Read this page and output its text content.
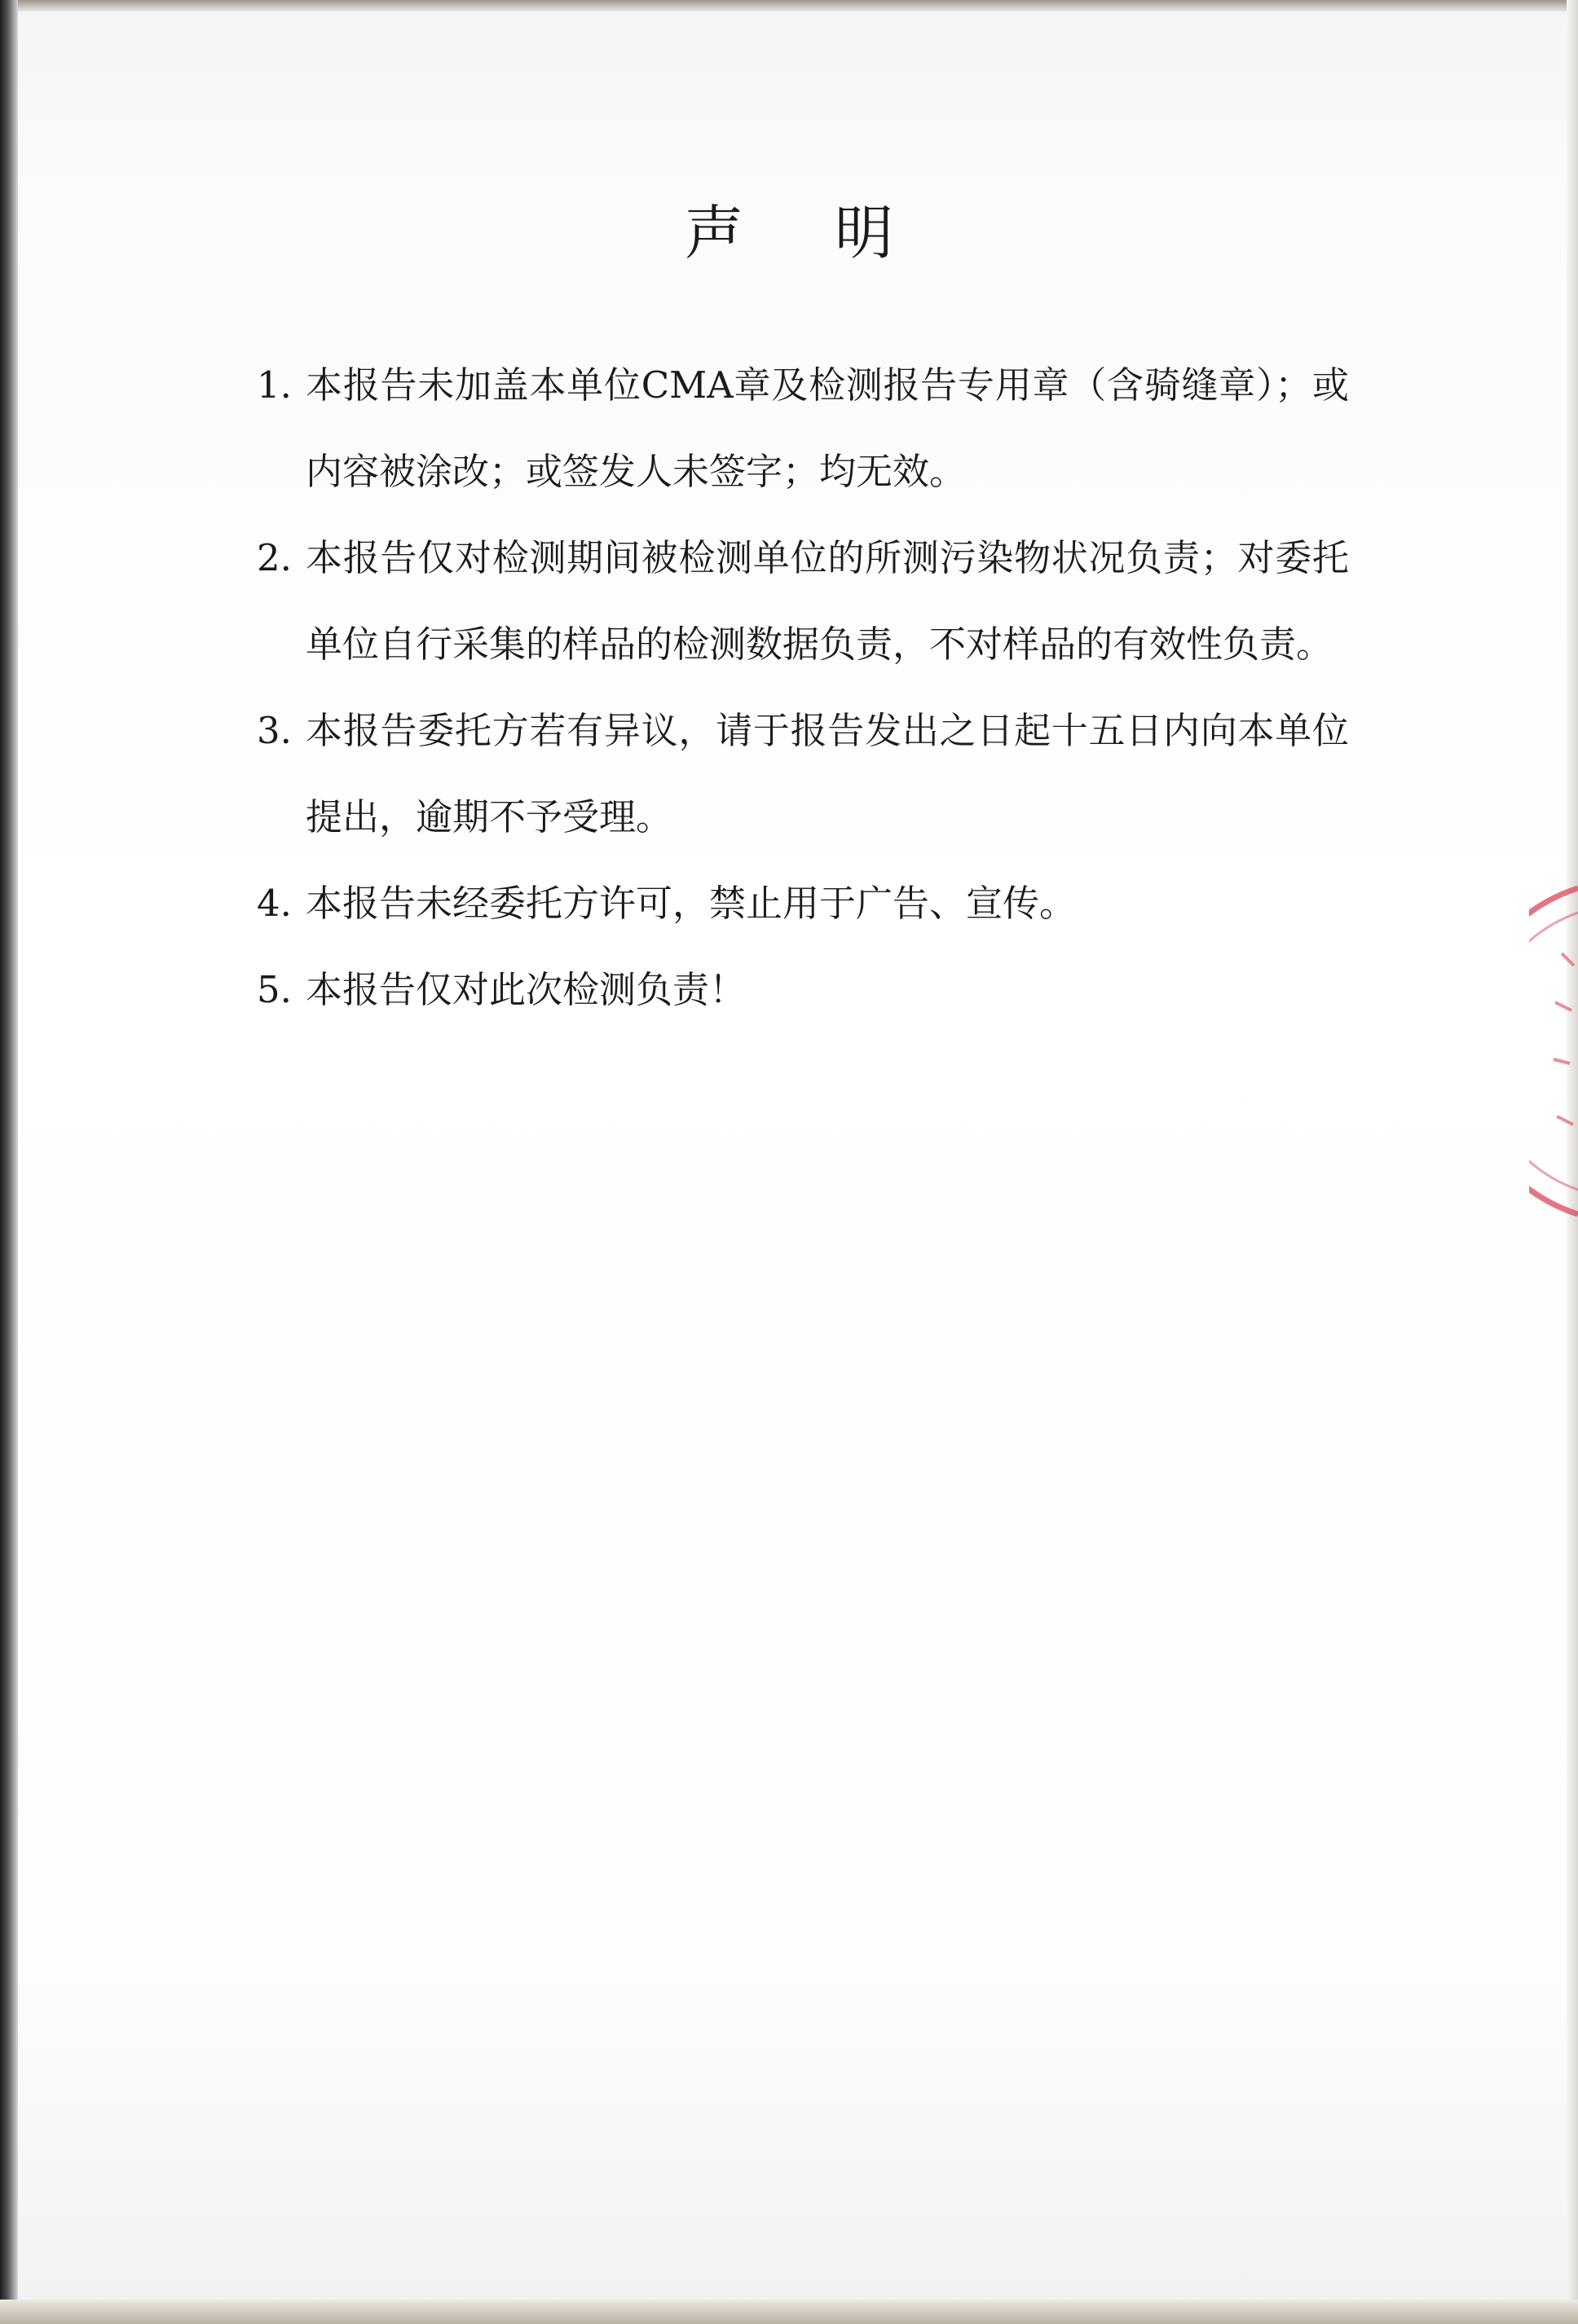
声明
1. 本报告未加盖本单位CMA章及检测报告专用章（含骑缝章）；或内容被涂改；或签发人未签字；均无效。
2. 本报告仅对检测期间被检测单位的所测污染物状况负责；对委托单位自行采集的样品的检测数据负责，不对样品的有效性负责。
3. 本报告委托方若有异议，请于报告发出之日起十五日内向本单位提出，逾期不予受理。
4. 本报告未经委托方许可，禁止用于广告、宣传。
5. 本报告仅对此次检测负责！
